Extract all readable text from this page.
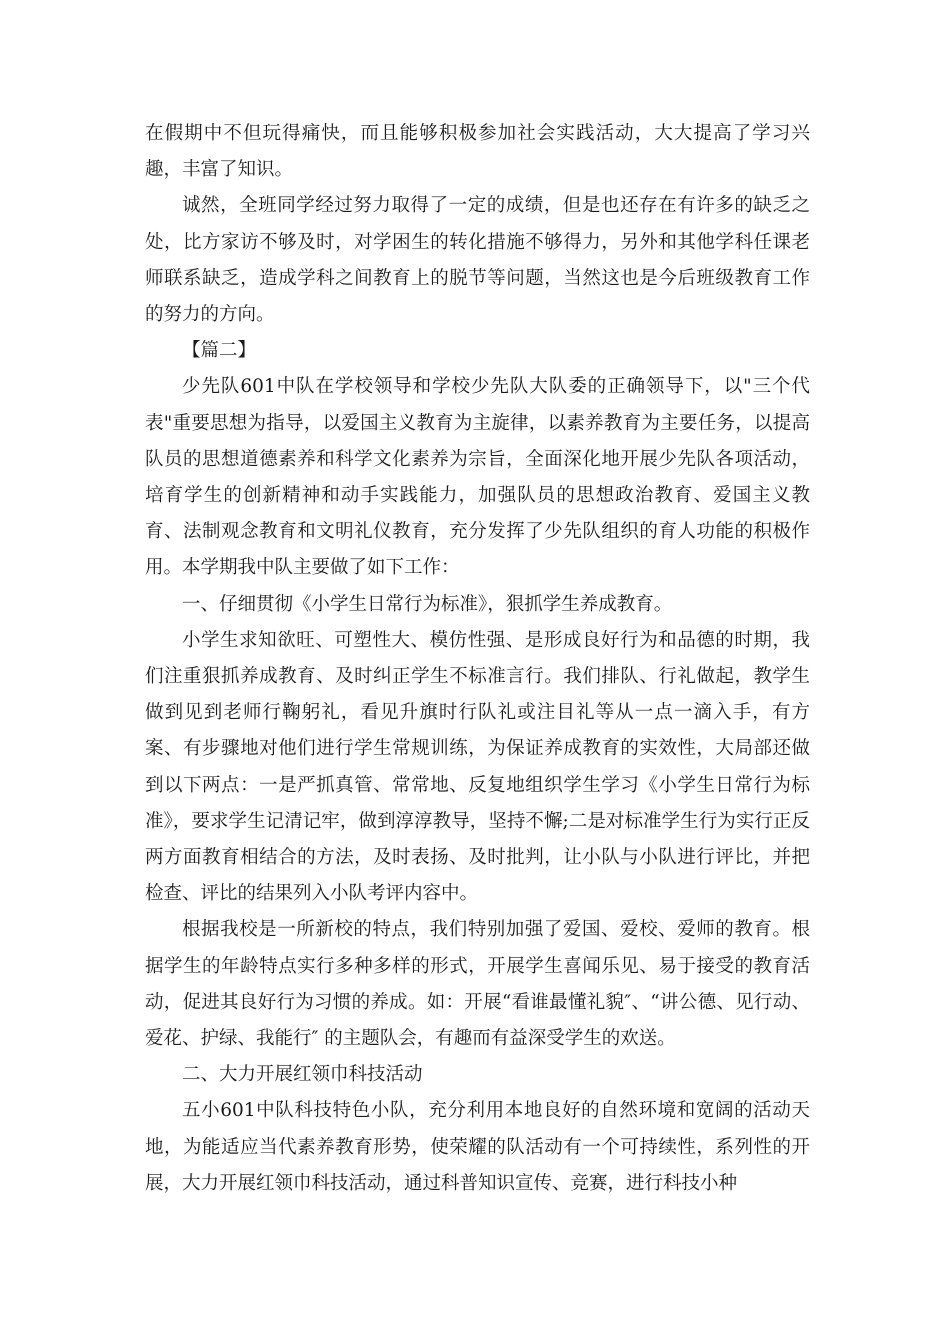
在假期中不但玩得痛快，而且能够积极参加社会实践活动，大大提高了学习兴趣，丰富了知识。

诚然，全班同学经过努力取得了一定的成绩，但是也还存在有许多的缺乏之处，比方家访不够及时，对学困生的转化措施不够得力，另外和其他学科任课老师联系缺乏，造成学科之间教育上的脱节等问题，当然这也是今后班级教育工作的努力的方向。

【篇二】

少先队601中队在学校领导和学校少先队大队委的正确领导下，以"三个代表"重要思想为指导，以爱国主义教育为主旋律，以素养教育为主要任务，以提高队员的思想道德素养和科学文化素养为宗旨，全面深化地开展少先队各项活动，培育学生的创新精神和动手实践能力，加强队员的思想政治教育、爱国主义教育、法制观念教育和文明礼仪教育，充分发挥了少先队组织的育人功能的积极作用。本学期我中队主要做了如下工作：

一、仔细贯彻《小学生日常行为标准》，狠抓学生养成教育。

小学生求知欲旺、可塑性大、模仿性强、是形成良好行为和品德的时期，我们注重狠抓养成教育、及时纠正学生不标准言行。我们排队、行礼做起，教学生做到见到老师行鞠躬礼，看见升旗时行队礼或注目礼等从一点一滴入手，有方案、有步骤地对他们进行学生常规训练，为保证养成教育的实效性，大局部还做到以下两点：一是严抓真管、常常地、反复地组织学生学习《小学生日常行为标准》，要求学生记清记牢，做到淳淳教导，坚持不懈;二是对标准学生行为实行正反两方面教育相结合的方法，及时表扬、及时批判，让小队与小队进行评比，并把检查、评比的结果列入小队考评内容中。

根据我校是一所新校的特点，我们特别加强了爱国、爱校、爱师的教育。根据学生的年龄特点实行多种多样的形式，开展学生喜闻乐见、易于接受的教育活动，促进其良好行为习惯的养成。如：开展“看谁最懂礼貌″、“讲公德、见行动、爱花、护绿、我能行″ 的主题队会，有趣而有益深受学生的欢送。

二、大力开展红领巾科技活动

五小601中队科技特色小队，充分利用本地良好的自然环境和宽阔的活动天地，为能适应当代素养教育形势，使荣耀的队活动有一个可持续性，系列性的开展，大力开展红领巾科技活动，通过科普知识宣传、竞赛，进行科技小种
